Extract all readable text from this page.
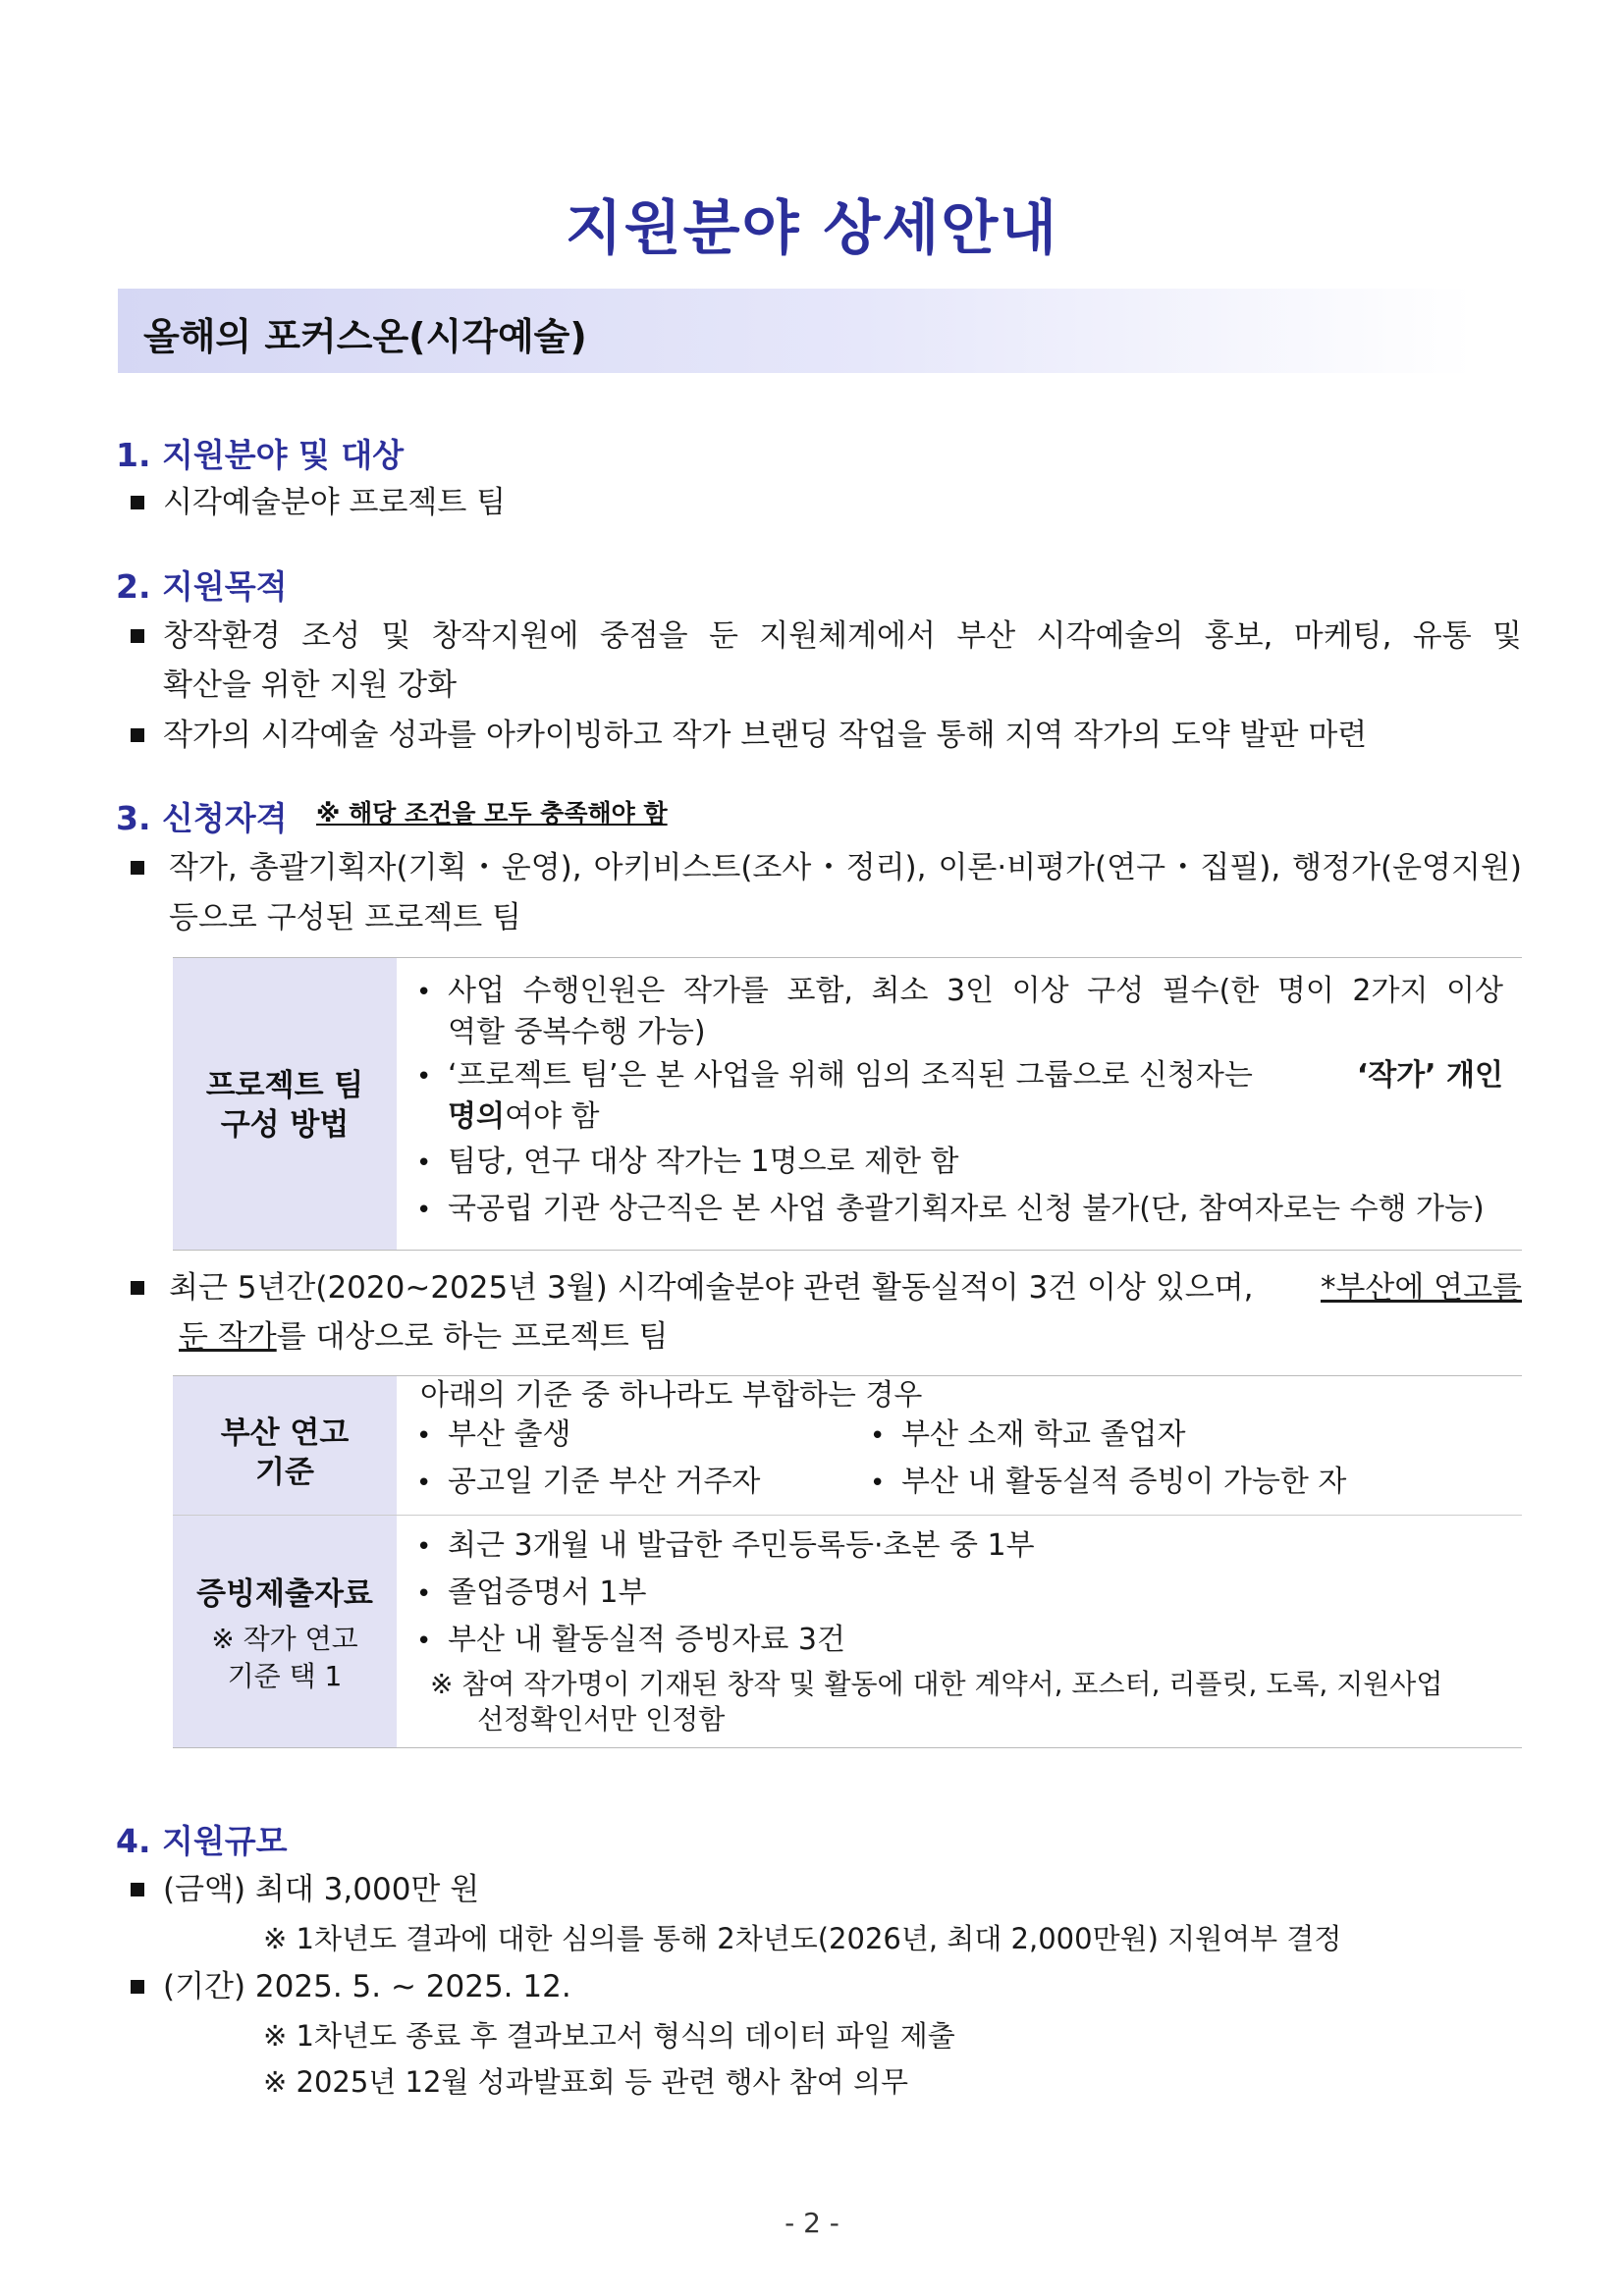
지원분야 상세안내
올해의 포커스온(시각예술)
1. 지원분야 및 대상
시각예술분야 프로젝트 팀
2. 지원목적
창작환경 조성 및 창작지원에 중점을 둔 지원체계에서 부산 시각예술의 홍보, 마케팅, 유통 및
확산을 위한 지원 강화
작가의 시각예술 성과를 아카이빙하고 작가 브랜딩 작업을 통해 지역 작가의 도약 발판 마련
3. 신청자격 ※ 해당 조건을 모두 충족해야 함
작가, 총괄기획자(기획・운영), 아키비스트(조사・정리), 이론·비평가(연구・집필), 행정가(운영지원)
등으로 구성된 프로젝트 팀
프로젝트 팀
구성 방법
• 사업 수행인원은 작가를 포함, 최소 3인 이상 구성 필수(한 명이 2가지 이상
역할 중복수행 가능)
• ‘프로젝트 팀’은 본 사업을 위해 임의 조직된 그룹으로 신청자는	‘작가’ 개인
명의여야 함
• 팀당, 연구 대상 작가는 1명으로 제한 함
• 국공립 기관 상근직은 본 사업 총괄기획자로 신청 불가(단, 참여자로는 수행 가능)
최근 5년간(2020~2025년 3월) 시각예술분야 관련 활동실적이 3건 이상 있으며, *부산에 연고를
둔 작가를 대상으로 하는 프로젝트 팀
부산 연고
기준
아래의 기준 중 하나라도 부합하는 경우
• 부산 출생	• 부산 소재 학교 졸업자
• 공고일 기준 부산 거주자	• 부산 내 활동실적 증빙이 가능한 자
증빙제출자료
※ 작가 연고
기준 택 1
• 최근 3개월 내 발급한 주민등록등·초본 중 1부
• 졸업증명서 1부
• 부산 내 활동실적 증빙자료 3건
※ 참여 작가명이 기재된 창작 및 활동에 대한 계약서, 포스터, 리플릿, 도록, 지원사업
선정확인서만 인정함
4. 지원규모
(금액) 최대 3,000만 원
※ 1차년도 결과에 대한 심의를 통해 2차년도(2026년, 최대 2,000만원) 지원여부 결정
(기간) 2025. 5. ~ 2025. 12.
※ 1차년도 종료 후 결과보고서 형식의 데이터 파일 제출
※ 2025년 12월 성과발표회 등 관련 행사 참여 의무
- 2 -
